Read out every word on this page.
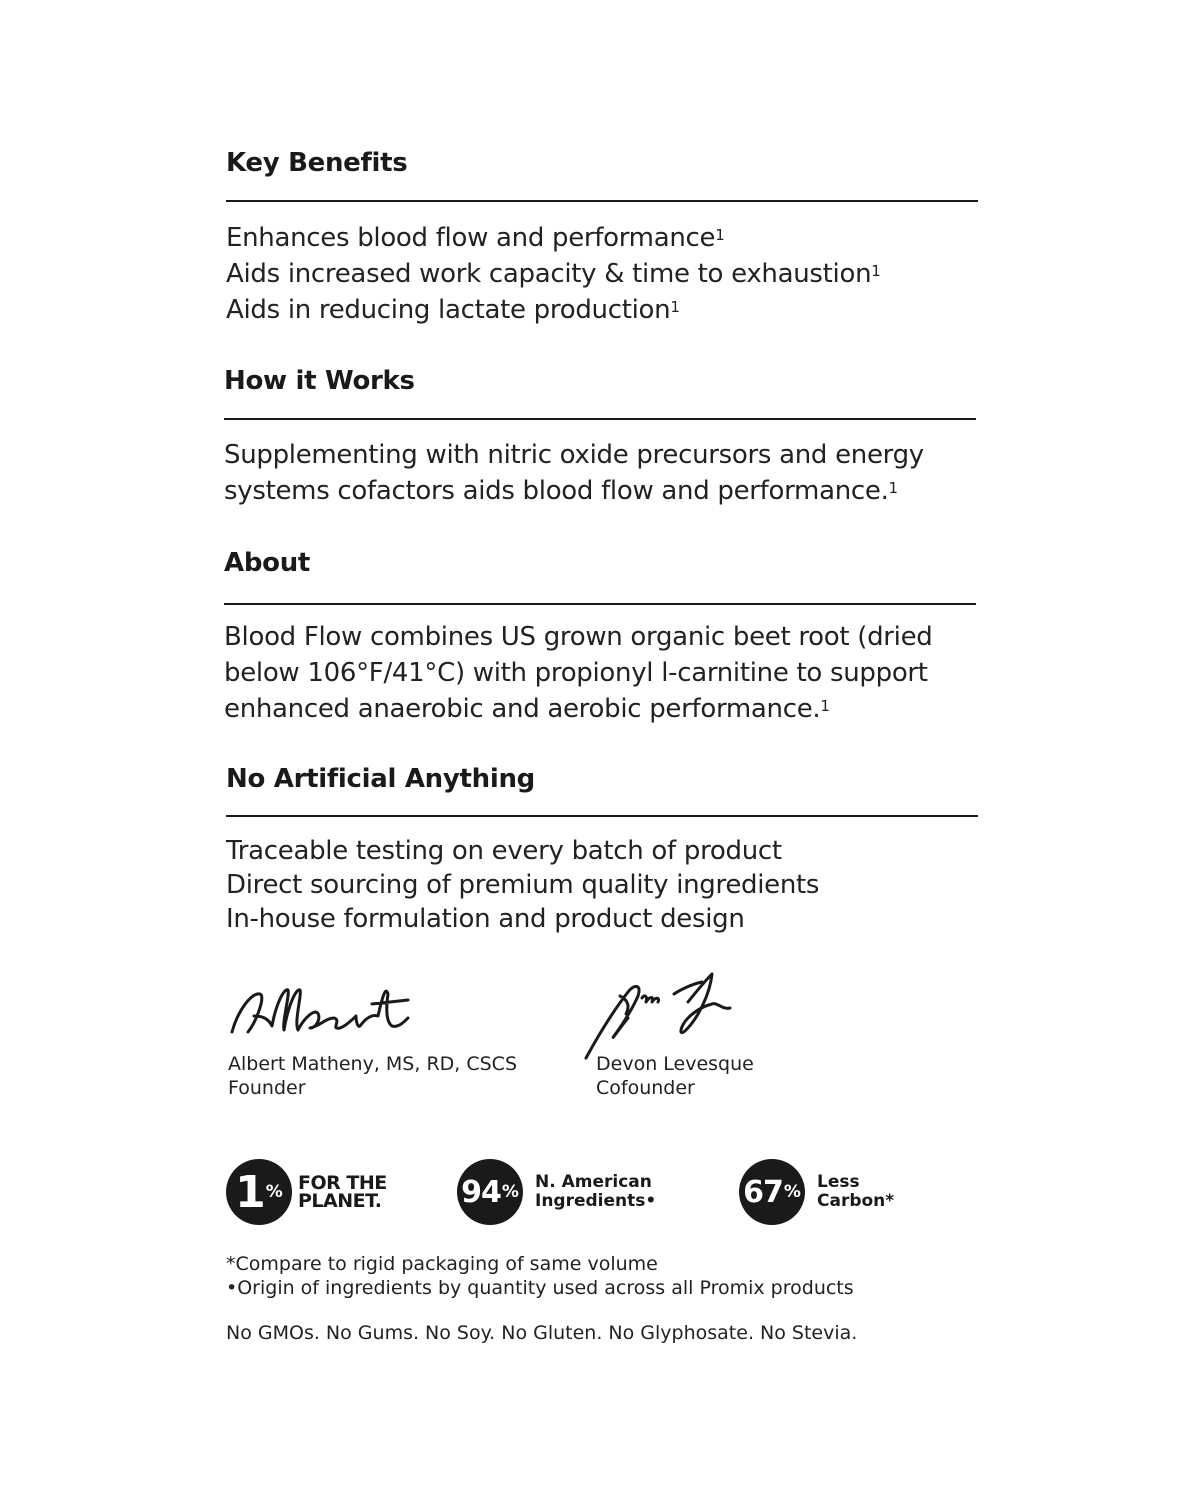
Key Benefits
Enhances blood flow and performance$^1$
Aids increased work capacity & time to exhaustion$^1$
Aids in reducing lactate production$^1$
How it Works
Supplementing with nitric oxide precursors and energy
systems cofactors aids blood flow and performance.$^1$
About
Blood Flow combines US grown organic beet root (dried
below 106°F/41°C) with propionyl l-carnitine to support
enhanced anaerobic and aerobic performance.$^1$
No Artificial Anything
Traceable testing on every batch of product
Direct sourcing of premium quality ingredients
In-house formulation and product design
Albert Matheny, MS, RD, CSCS
Founder
Devon Levesque
Cofounder
1 % FOR THE
PLANET.	94 % N. American
Ingredients•	67 % Less
Carbon*
*Compare to rigid packaging of same volume
•Origin of ingredients by quantity used across all Promix products
No GMOs. No Gums. No Soy. No Gluten. No Glyphosate. No Stevia.
